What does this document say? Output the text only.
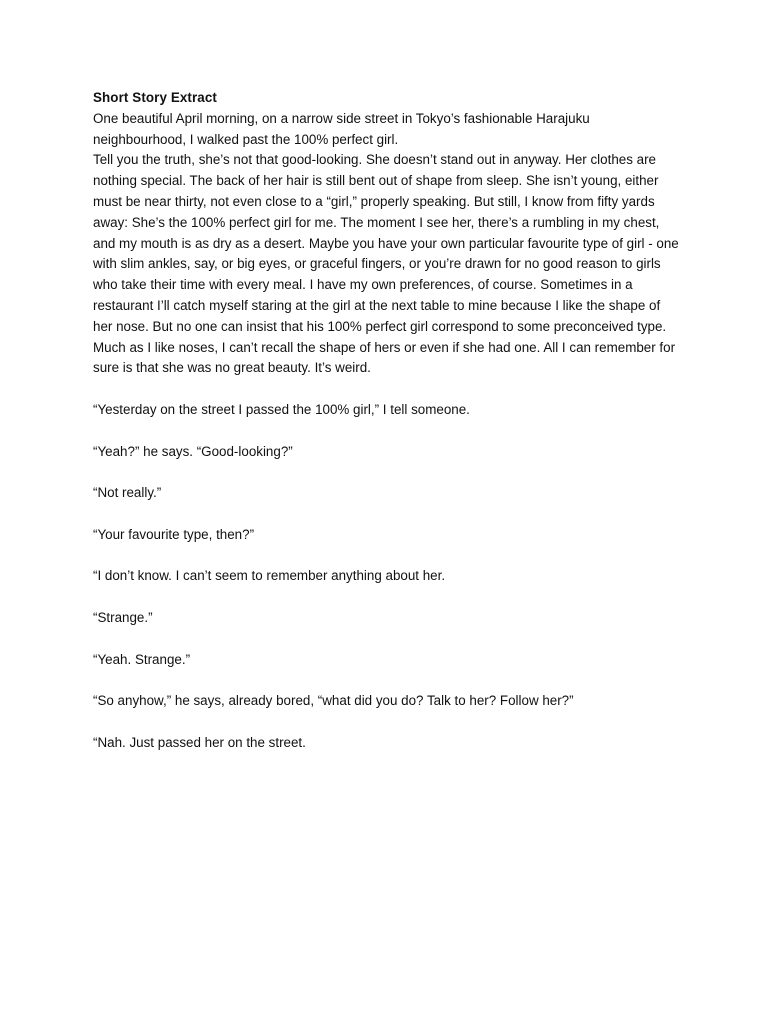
Short Story Extract

One beautiful April morning, on a narrow side street in Tokyo’s fashionable Harajuku neighbourhood, I walked past the 100% perfect girl.

Tell you the truth, she’s not that good-looking. She doesn’t stand out in anyway. Her clothes are nothing special. The back of her hair is still bent out of shape from sleep. She isn’t young, either must be near thirty, not even close to a “girl,” properly speaking. But still, I know from fifty yards away: She’s the 100% perfect girl for me. The moment I see her, there’s a rumbling in my chest, and my mouth is as dry as a desert. Maybe you have your own particular favourite type of girl - one with slim ankles, say, or big eyes, or graceful fingers, or you’re drawn for no good reason to girls who take their time with every meal. I have my own preferences, of course. Sometimes in a restaurant I’ll catch myself staring at the girl at the next table to mine because I like the shape of her nose. But no one can insist that his 100% perfect girl correspond to some preconceived type. Much as I like noses, I can’t recall the shape of hers or even if she had one. All I can remember for sure is that she was no great beauty. It’s weird.

“Yesterday on the street I passed the 100% girl,” I tell someone.

“Yeah?” he says. “Good-looking?”

“Not really.”

“Your favourite type, then?”

“I don’t know. I can’t seem to remember anything about her.

“Strange.”

“Yeah. Strange.”

“So anyhow,” he says, already bored, “what did you do? Talk to her? Follow her?”

“Nah. Just passed her on the street.
